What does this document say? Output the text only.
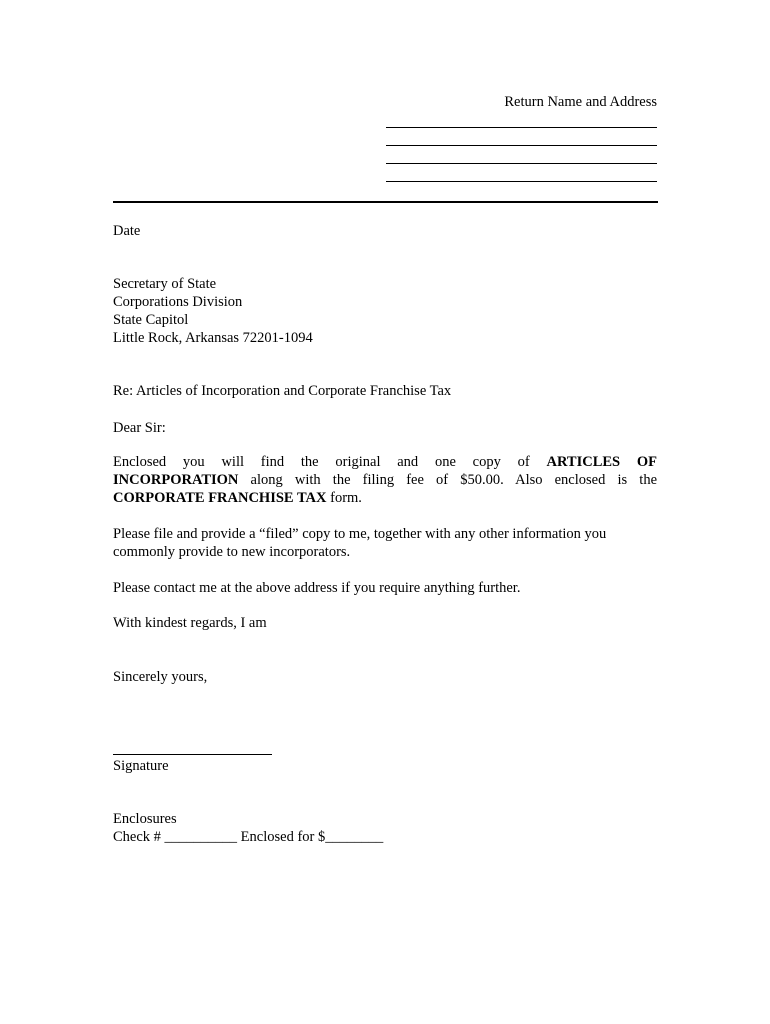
Return Name and Address
Date
Secretary of State
Corporations Division
State Capitol
Little Rock, Arkansas 72201-1094
Re: Articles of Incorporation and Corporate Franchise Tax
Dear Sir:
Enclosed you will find the original and one copy of ARTICLES OF
INCORPORATION along with the filing fee of $50.00. Also enclosed is the
CORPORATE FRANCHISE TAX form.
Please file and provide a “filed” copy to me, together with any other information you
commonly provide to new incorporators.
Please contact me at the above address if you require anything further.
With kindest regards, I am
Sincerely yours,
Signature
Enclosures
Check # __________ Enclosed for $________
